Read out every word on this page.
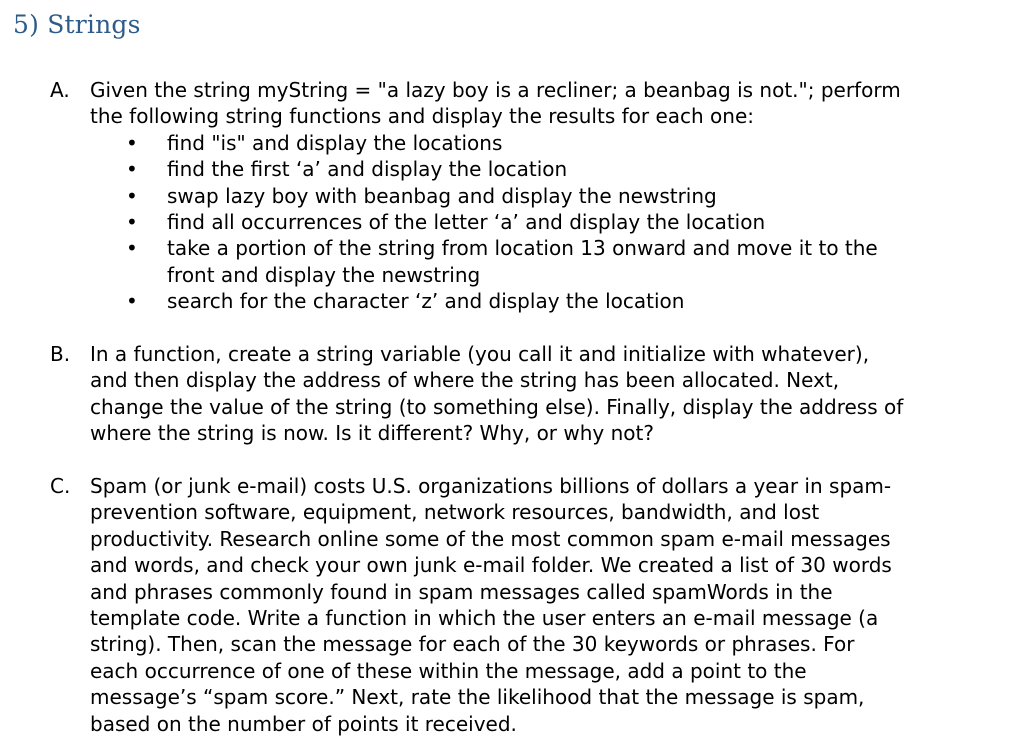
5) Strings
A.	Given the string myString = "a lazy boy is a recliner; a beanbag is not."; perform
the following string functions and display the results for each one:
• find "is" and display the locations
• find the first ‘a’ and display the location
• swap lazy boy with beanbag and display the newstring
• find all occurrences of the letter ‘a’ and display the location
• take a portion of the string from location 13 onward and move it to the
front and display the newstring
• search for the character ‘z’ and display the location
B. In a function, create a string variable (you call it and initialize with whatever),
and then display the address of where the string has been allocated. Next,
change the value of the string (to something else). Finally, display the address of
where the string is now. Is it different? Why, or why not?
C. Spam (or junk e-mail) costs U.S. organizations billions of dollars a year in spam-
prevention software, equipment, network resources, bandwidth, and lost
productivity. Research online some of the most common spam e-mail messages
and words, and check your own junk e-mail folder. We created a list of 30 words
and phrases commonly found in spam messages called spamWords in the
template code. Write a function in which the user enters an e-mail message (a
string). Then, scan the message for each of the 30 keywords or phrases. For
each occurrence of one of these within the message, add a point to the
message’s “spam score.” Next, rate the likelihood that the message is spam,
based on the number of points it received.
